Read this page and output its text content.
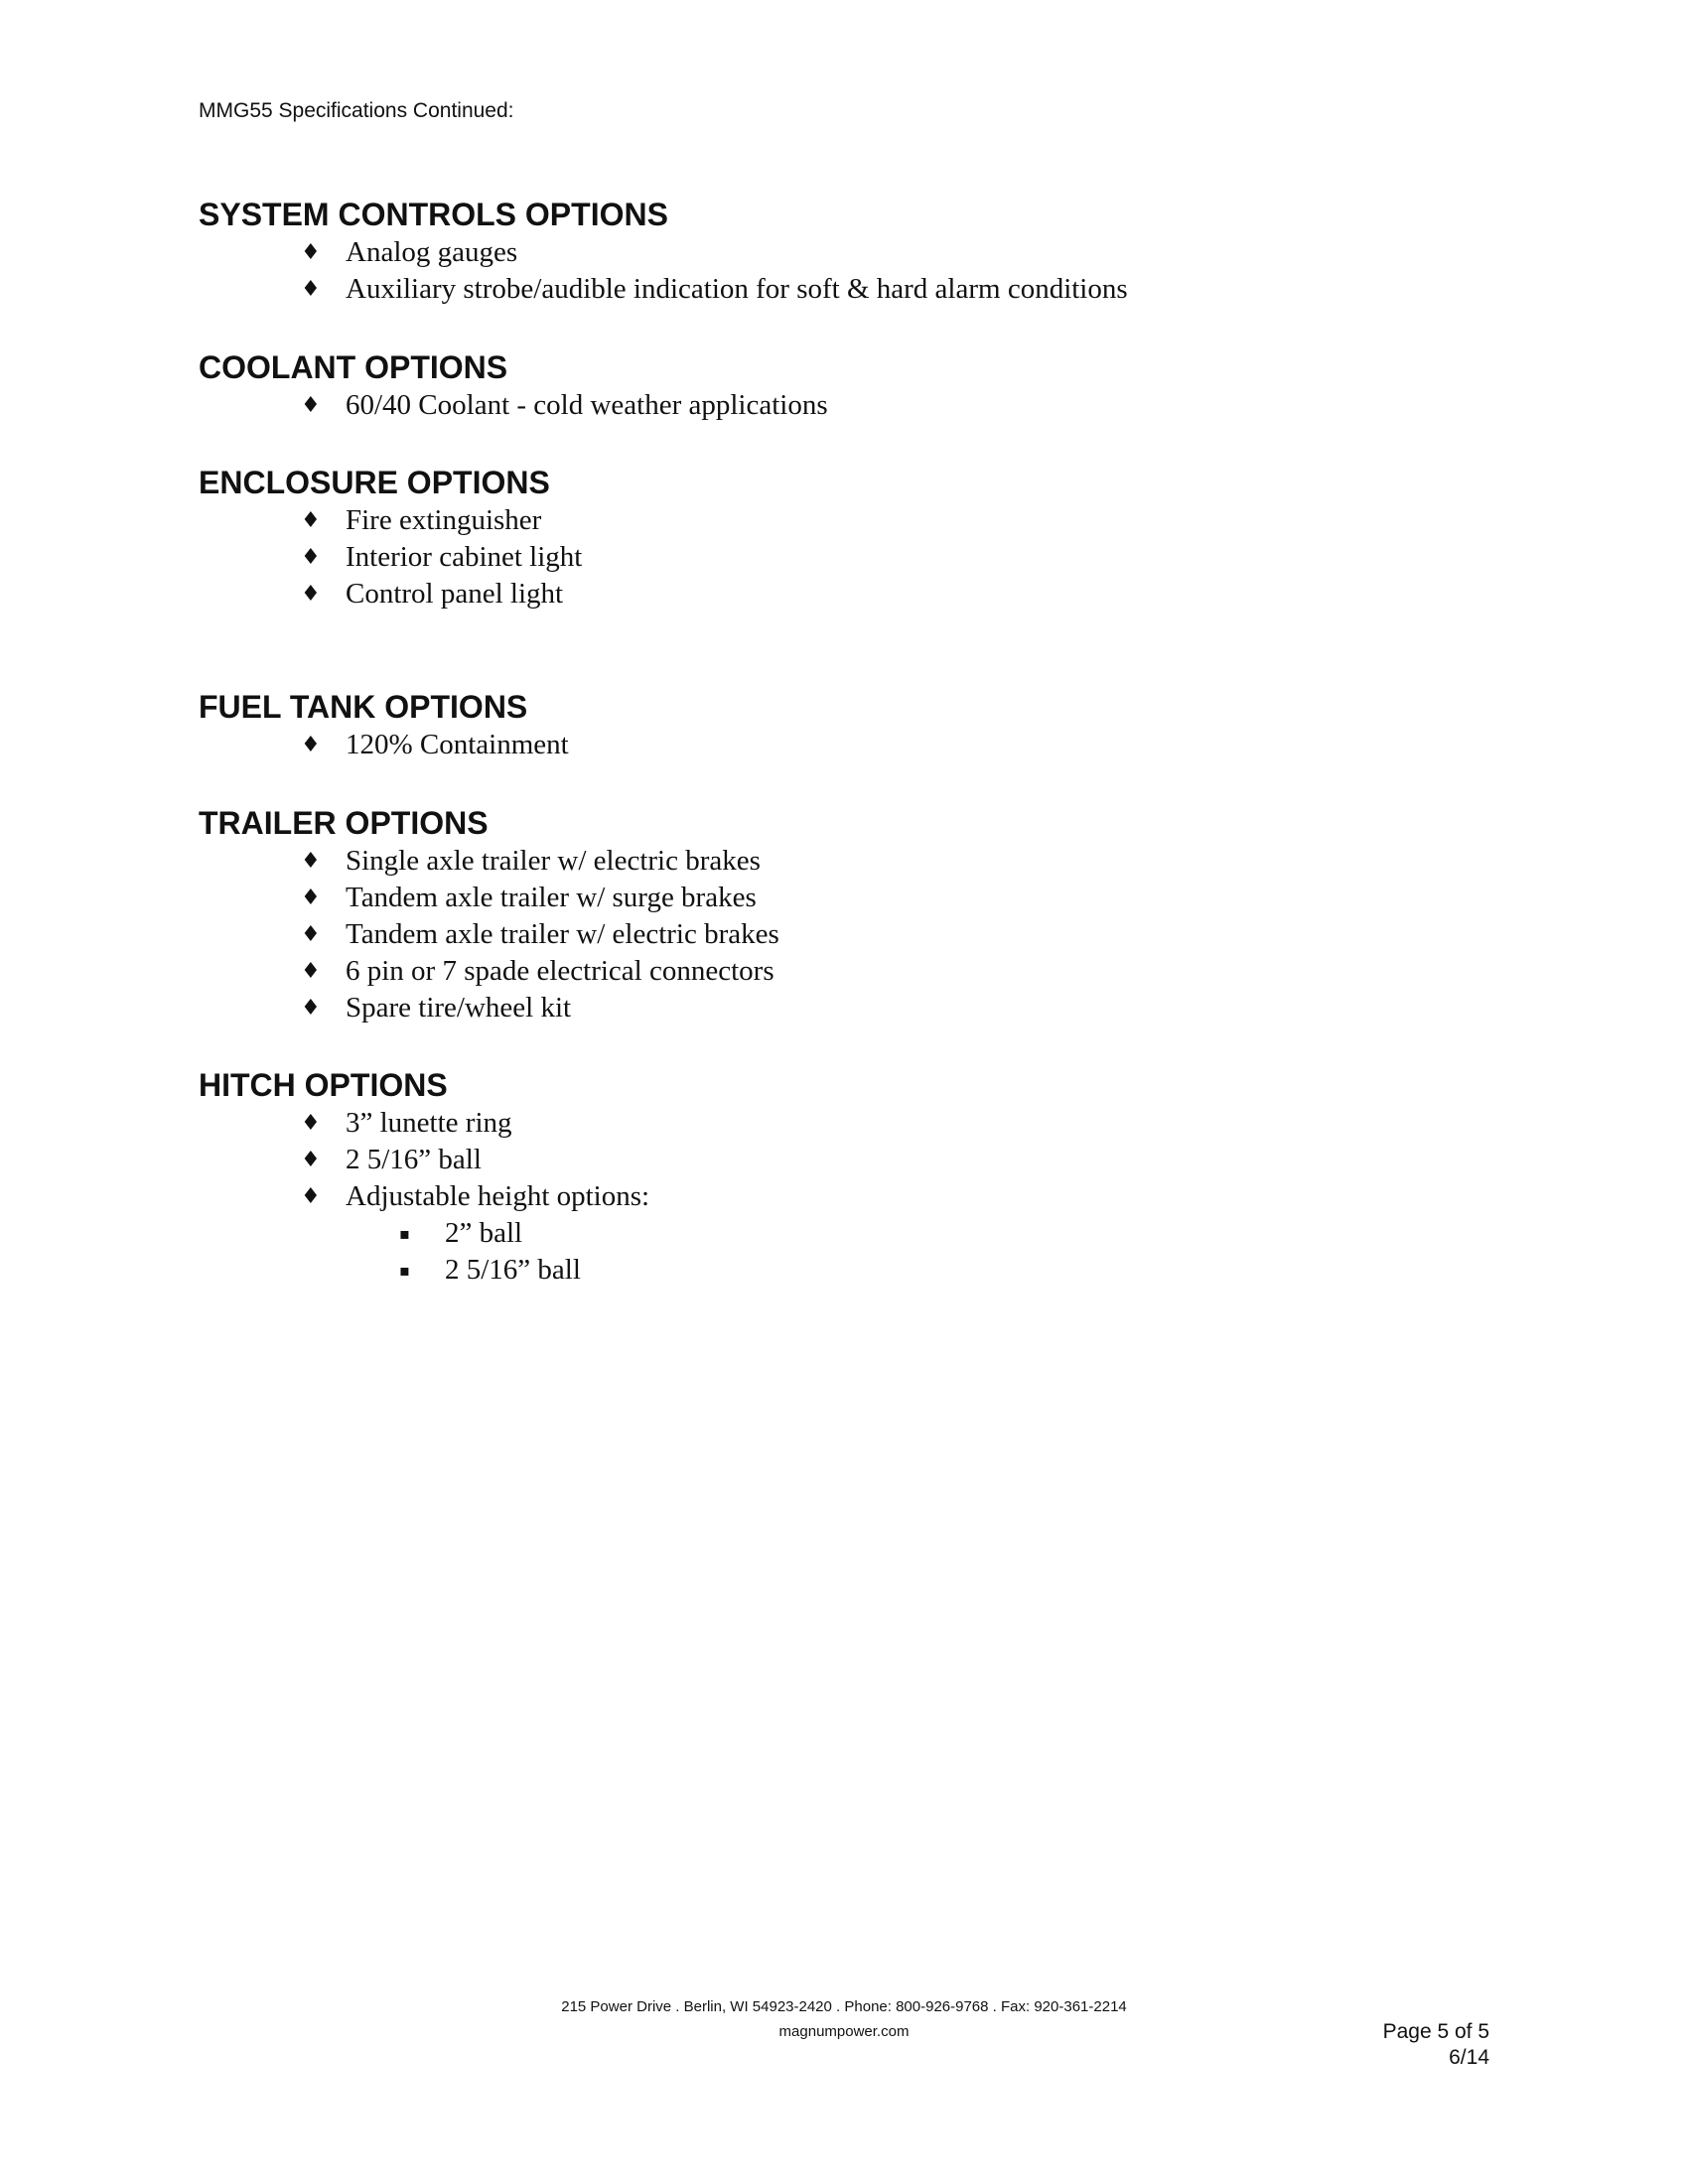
MMG55 Specifications Continued:
SYSTEM CONTROLS OPTIONS
♦ Analog gauges
♦ Auxiliary strobe/audible indication for soft & hard alarm conditions
COOLANT OPTIONS
♦ 60/40 Coolant - cold weather applications
ENCLOSURE OPTIONS
♦ Fire extinguisher
♦ Interior cabinet light
♦ Control panel light
FUEL TANK OPTIONS
♦ 120% Containment
TRAILER OPTIONS
♦ Single axle trailer w/ electric brakes
♦ Tandem axle trailer w/ surge brakes
♦ Tandem axle trailer w/ electric brakes
♦ 6 pin or 7 spade electrical connectors
♦ Spare tire/wheel kit
HITCH OPTIONS
♦ 3” lunette ring
♦ 2 5/16” ball
♦ Adjustable height options:
▪ 2” ball
▪ 2 5/16” ball
215 Power Drive . Berlin, WI 54923-2420 . Phone: 800-926-9768 . Fax: 920-361-2214
magnumpower.com	Page 5 of 5
6/14
